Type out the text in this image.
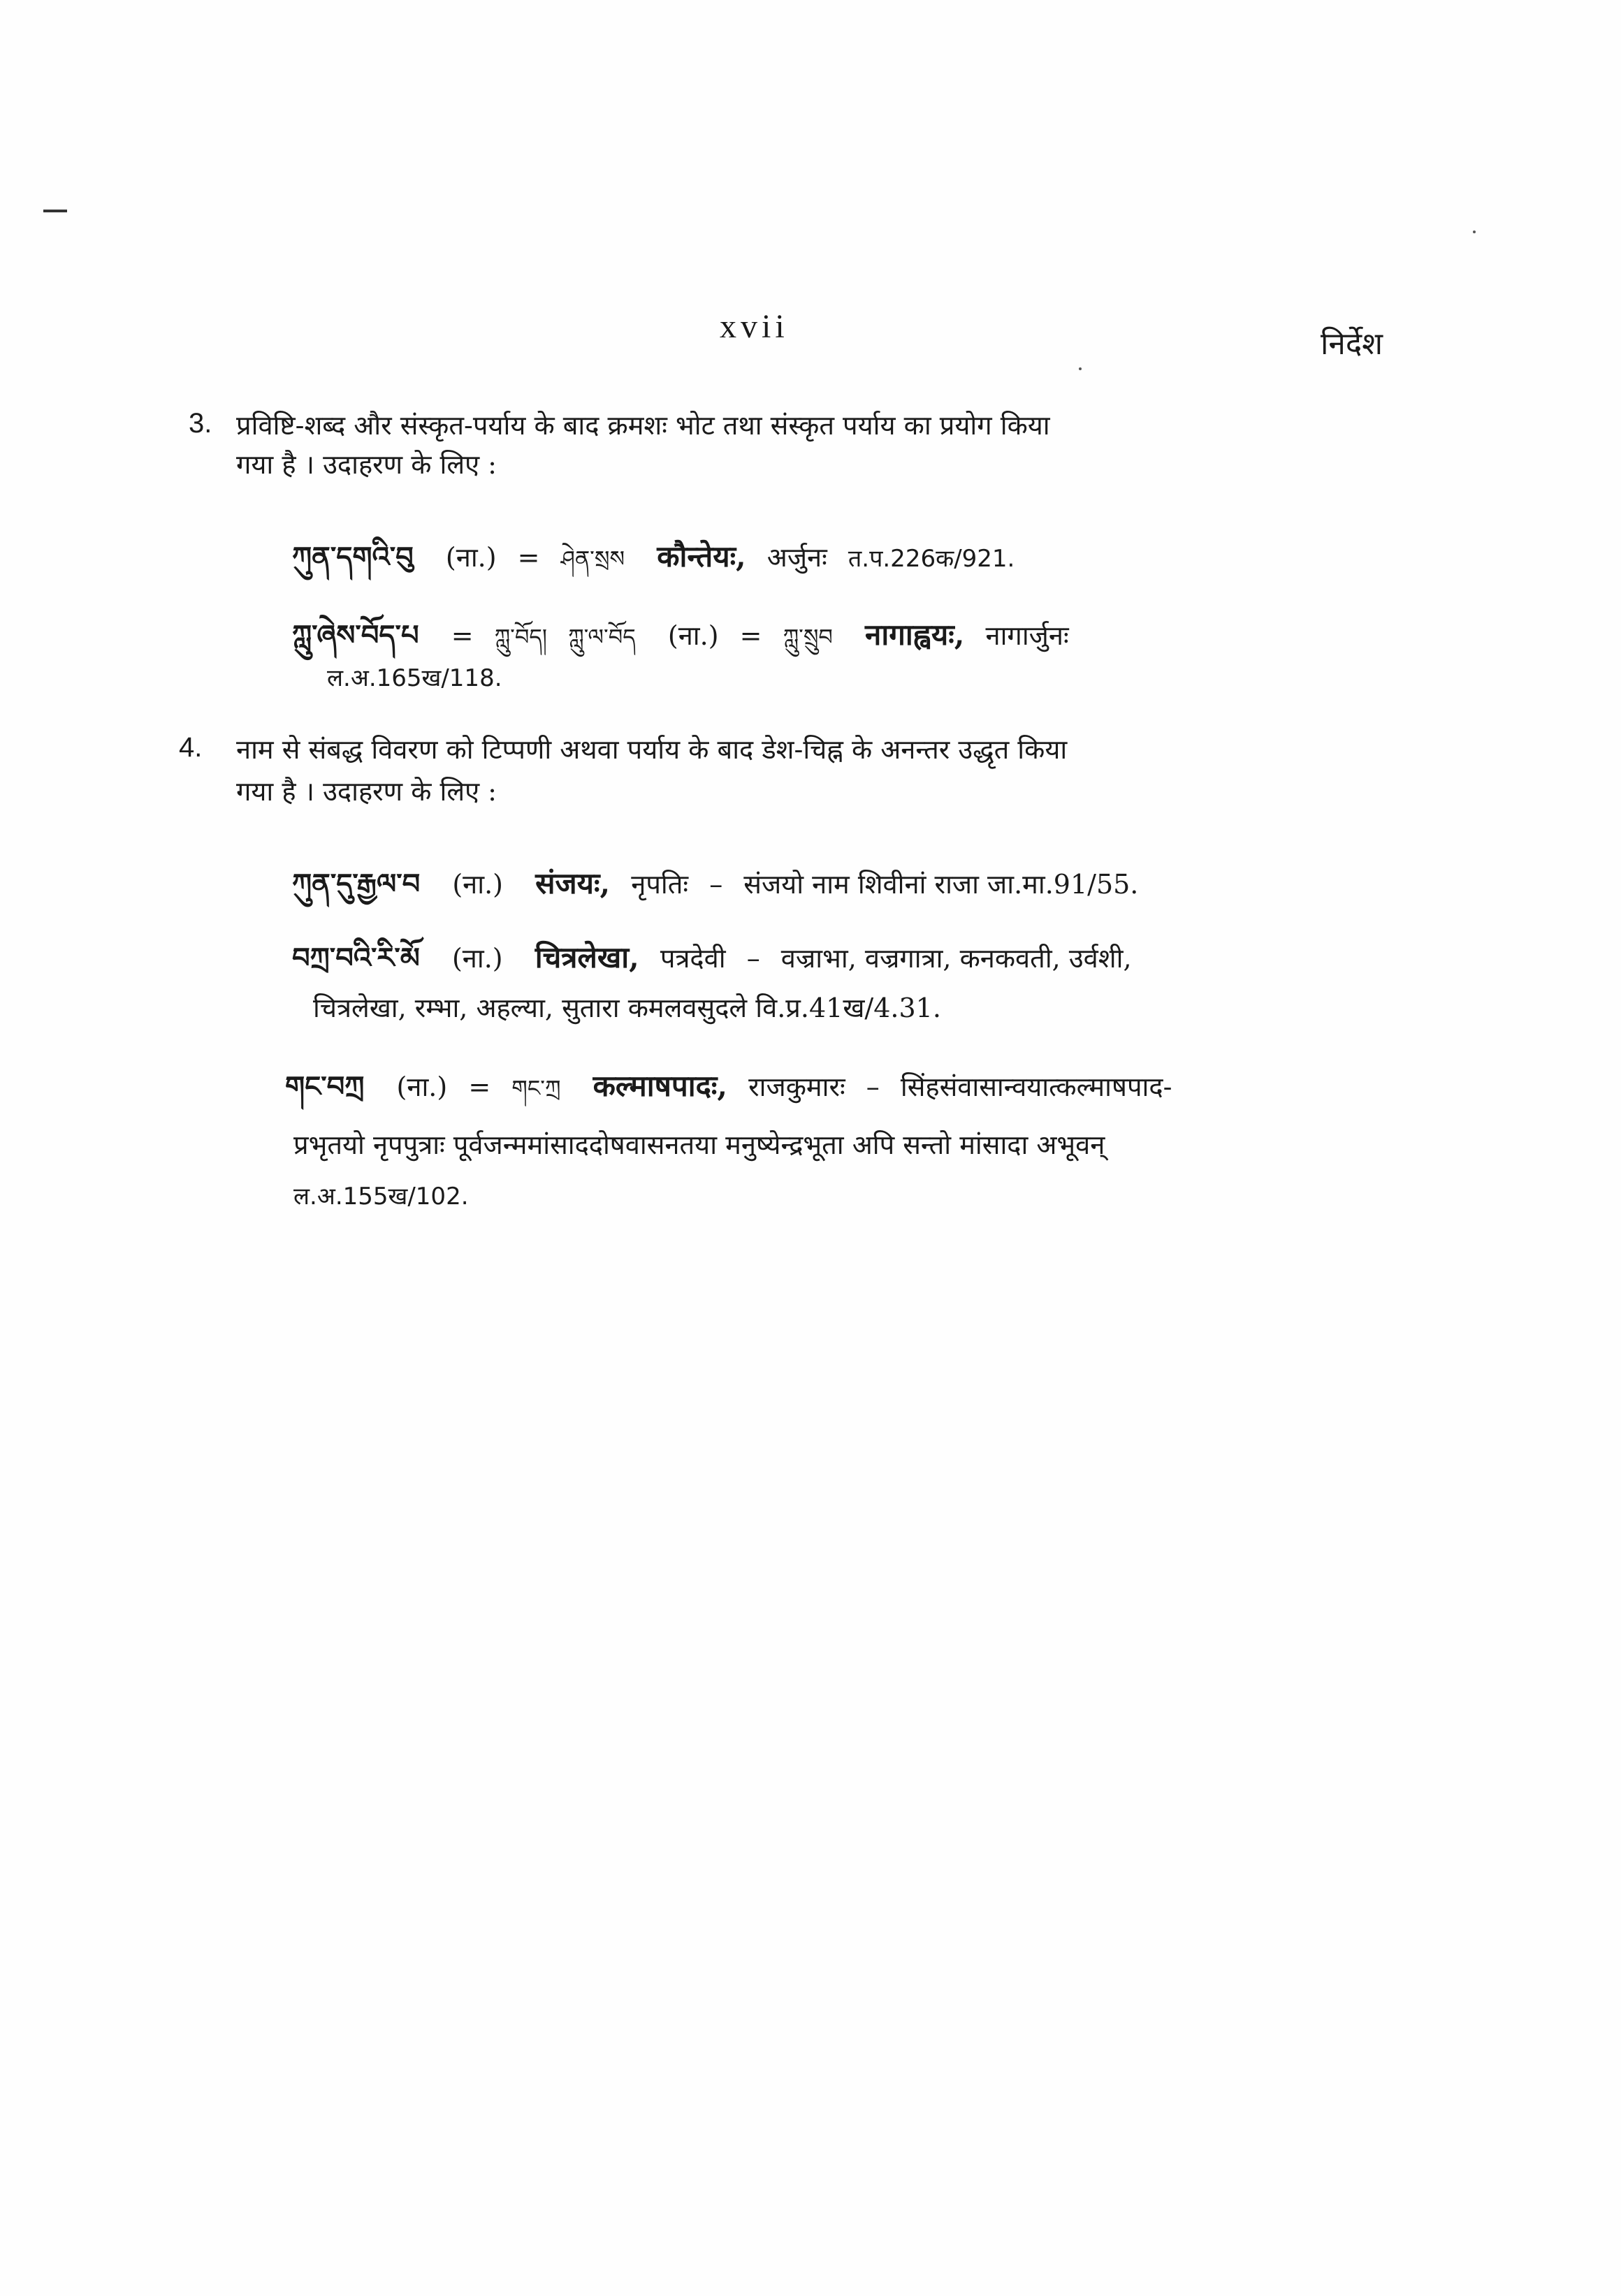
xvii	निर्देश
3. प्रविष्टि-शब्द और संस्कृत-पर्याय के बाद क्रमशः भोट तथा संस्कृत पर्याय का प्रयोग किया
गया है । उदाहरण के लिए :
ཀུན་དགའི་བུ (ना.) = ཤེན་སྲས कौन्तेयः, अर्जुनः त.प.226क/921.
ཀླུ་ཞེས་བོད་པ = ཀླུ་བོད། ཀླུ་ལ་བོད (ना.) = ཀླུ་སྲུབ नागाह्वयः, नागार्जुनः
ल.अ.165ख/118.
4. नाम से संबद्ध विवरण को टिप्पणी अथवा पर्याय के बाद डेश-चिह्न के अनन्तर उद्धृत किया
गया है । उदाहरण के लिए :
ཀུན་དུ་རྒྱལ་བ (ना.) संजयः, नृपतिः – संजयो नाम शिवीनां राजा जा.मा.91/55.
བཀྲ་བའི་རི་མོ (ना.) चित्रलेखा, पत्रदेवी – वज्राभा, वज्रगात्रा, कनकवती, उर्वशी,
चित्रलेखा, रम्भा, अहल्या, सुतारा कमलवसुदले वि.प्र.41ख/4.31.
གང་བཀྲ (ना.) = གང་ཀྲ कल्माषपादः, राजकुमारः – सिंहसंवासान्वयात्कल्माषपाद-
प्रभृतयो नृपपुत्राः पूर्वजन्ममांसाददोषवासनतया मनुष्येन्द्रभूता अपि सन्तो मांसादा अभूवन्
ल.अ.155ख/102.
